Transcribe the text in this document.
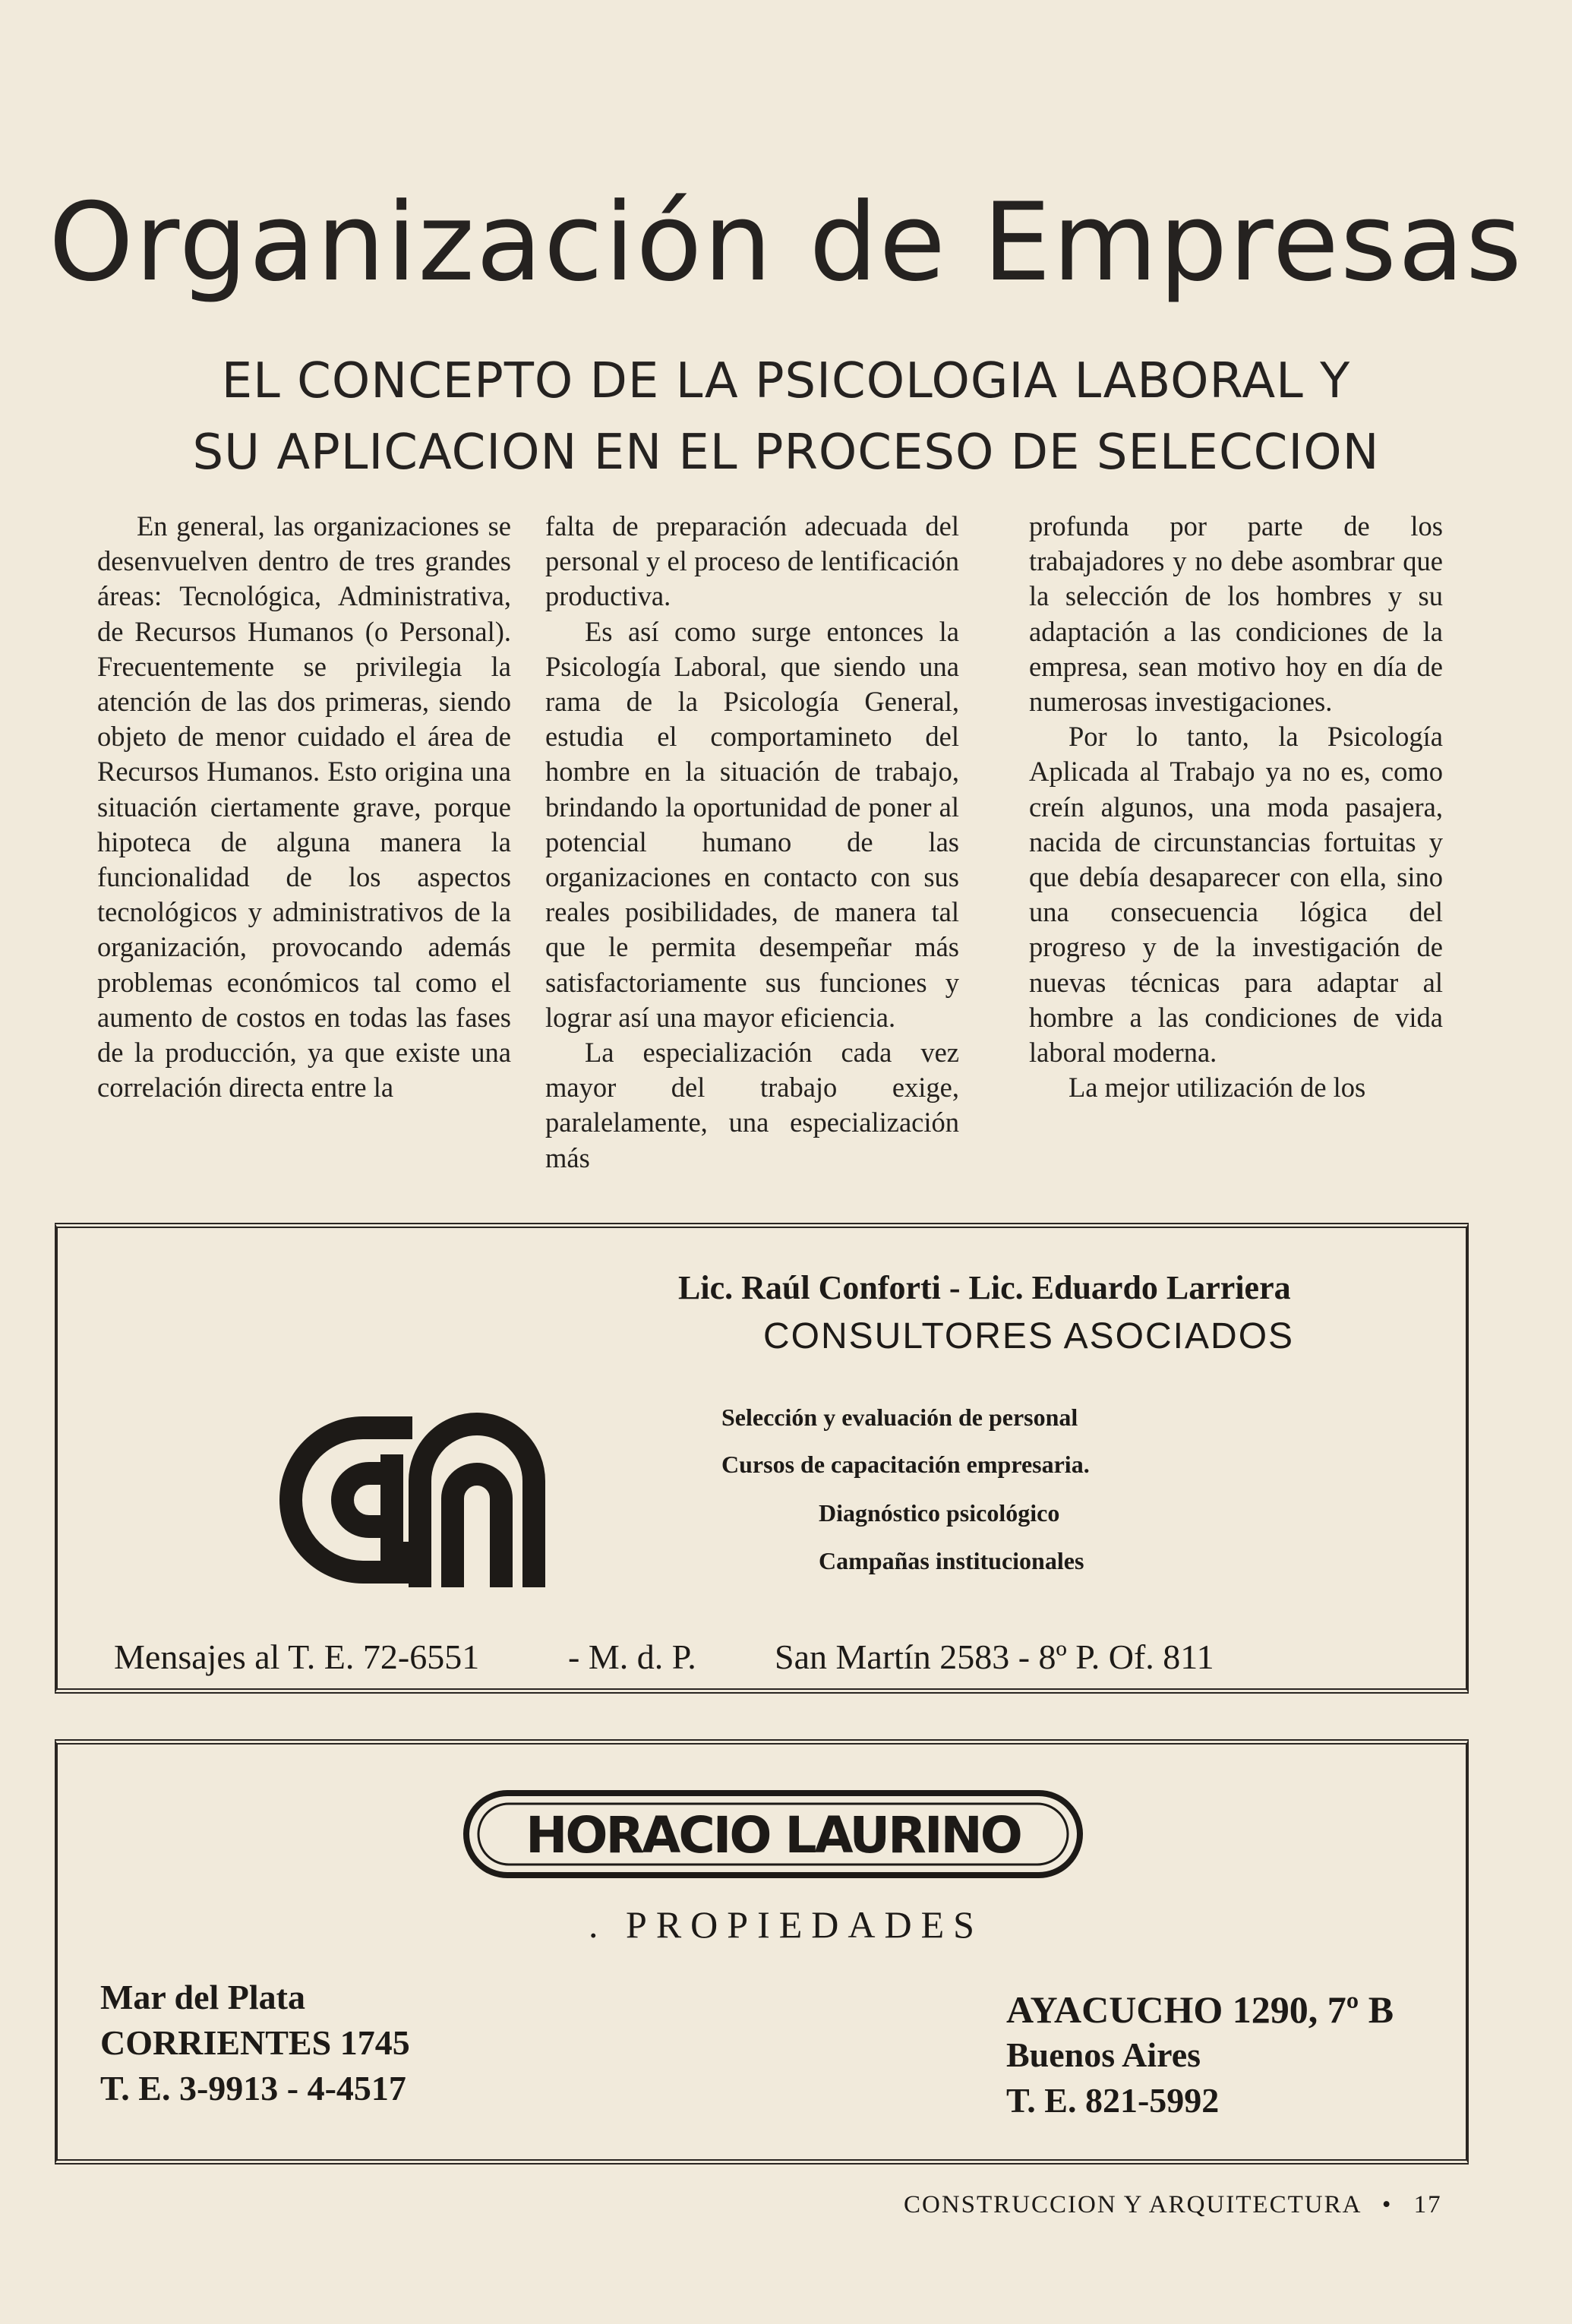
Organización de Empresas
EL CONCEPTO DE LA PSICOLOGIA LABORAL Y
SU APLICACION EN EL PROCESO DE SELECCION

En general, las organizaciones se desenvuelven dentro de tres grandes áreas: Tecnológica, Administrativa, de Recursos Humanos (o Personal). Frecuentemente se privilegia la atención de las dos primeras, siendo objeto de menor cuidado el área de Recursos Humanos. Esto origina una situación ciertamente grave, porque hipoteca de alguna manera la funcionalidad de los aspectos tecnológicos y administrativos de la organización, provocando además problemas económicos tal como el aumento de costos en todas las fases de la producción, ya que existe una correlación directa entre la

falta de preparación adecuada del personal y el proceso de lentificación productiva.

Es así como surge entonces la Psicología Laboral, que siendo una rama de la Psicología General, estudia el comportamineto del hombre en la situación de trabajo, brindando la oportunidad de poner al potencial humano de las organizaciones en contacto con sus reales posibilidades, de manera tal que le permita desempeñar más satisfactoriamente sus funciones y lograr así una mayor eficiencia.

La especialización cada vez mayor del trabajo exige, paralelamente, una especialización más

profunda por parte de los trabajadores y no debe asombrar que la selección de los hombres y su adaptación a las condiciones de la empresa, sean motivo hoy en día de numerosas investigaciones.

Por lo tanto, la Psicología Aplicada al Trabajo ya no es, como creín algunos, una moda pasajera, nacida de circunstancias fortuitas y que debía desaparecer con ella, sino una consecuencia lógica del progreso y de la investigación de nuevas técnicas para adaptar al hombre a las condiciones de vida laboral moderna.

La mejor utilización de los

Lic. Raúl Conforti - Lic. Eduardo Larriera
CONSULTORES ASOCIADOS
Selección y evaluación de personal
Cursos de capacitación empresaria.
Diagnóstico psicológico
Campañas institucionales
Mensajes al T. E. 72-6551	- M. d. P. San Martín 2583 - 8º P. Of. 811
HORACIO LAURINO
. PROPIEDADES
Mar del Plata
CORRIENTES 1745
T. E. 3-9913 - 4-4517
AYACUCHO 1290, 7º B
Buenos Aires
T. E. 821-5992
CONSTRUCCION Y ARQUITECTURA • 17
